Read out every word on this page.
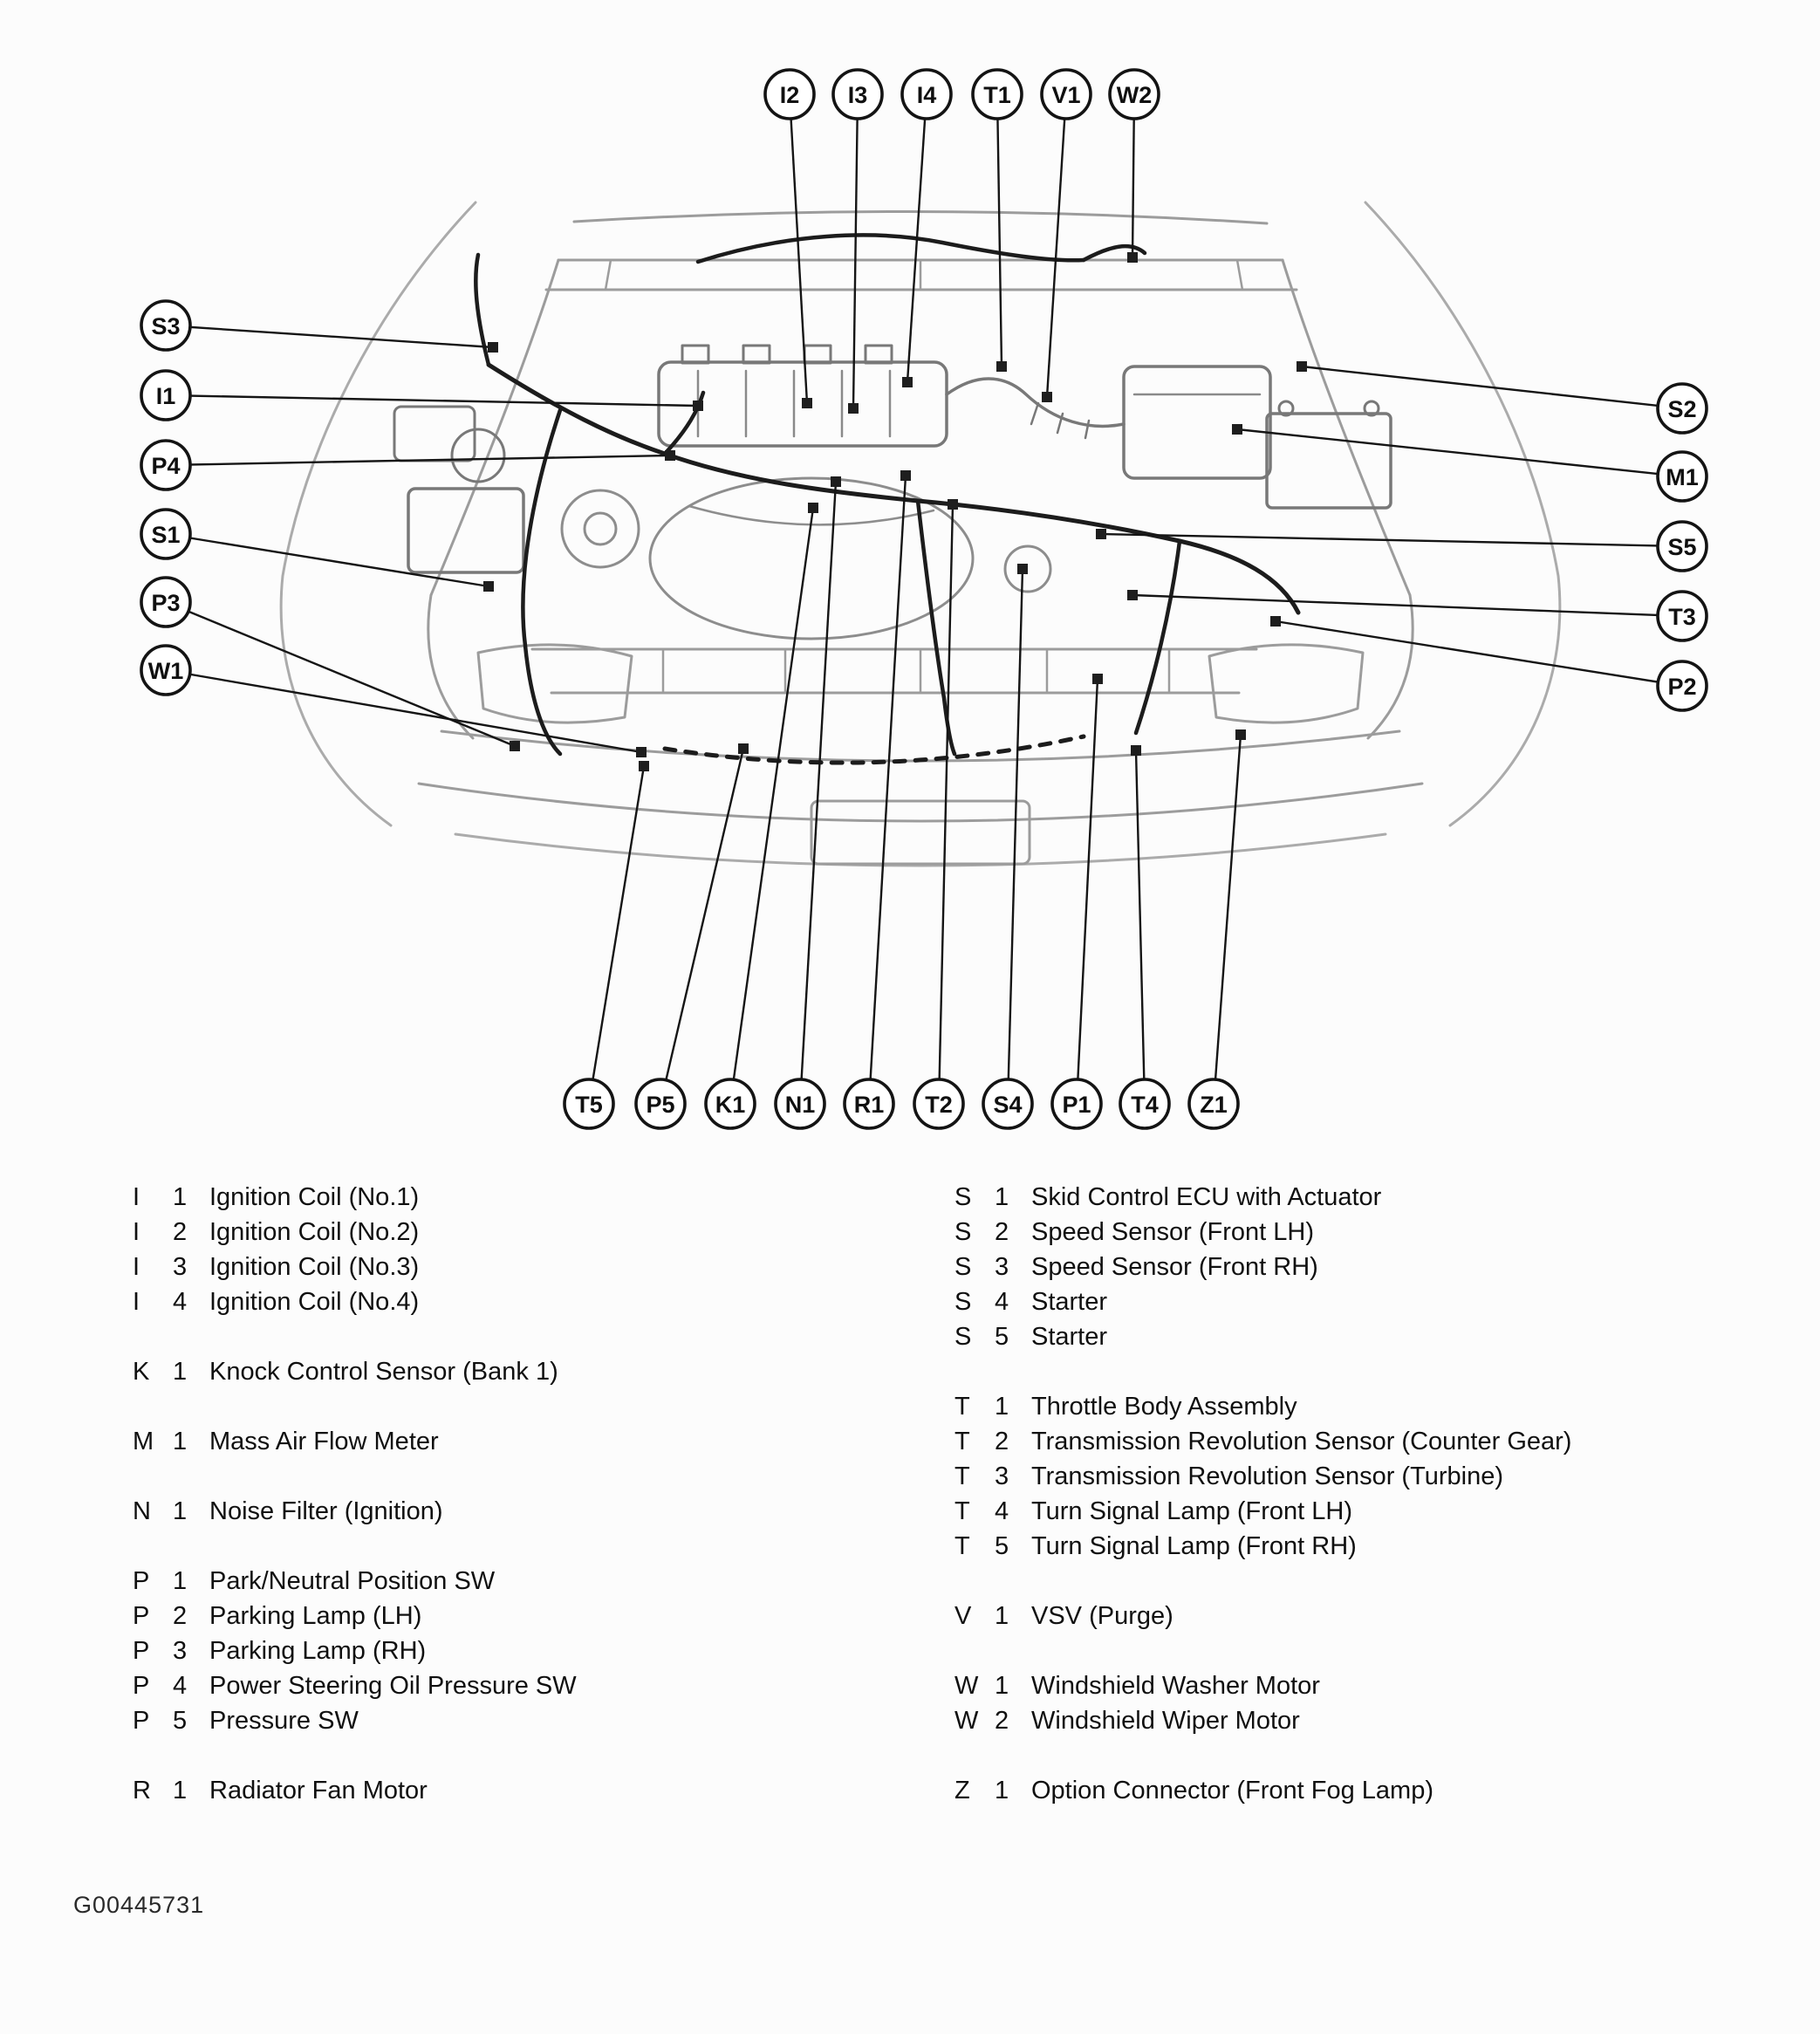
I2 I3 I4 T1 V1 W2
S3
I1
P4
S1
P3
W1
S2
M1
S5
T3
P2
T5 P5 K1 N1 R1 T2 S4 P1 T4 Z1
I	1 Ignition Coil (No.1)
I	2 Ignition Coil (No.2)
I	3 Ignition Coil (No.3)
I	4 Ignition Coil (No.4)
K 1 Knock Control Sensor (Bank 1)
M 1 Mass Air Flow Meter
N 1 Noise Filter (Ignition)
P 1 Park/Neutral Position SW
P 2 Parking Lamp (LH)
P 3 Parking Lamp (RH)
P 4 Power Steering Oil Pressure SW
P 5 Pressure SW
R 1 Radiator Fan Motor
S 1 Skid Control ECU with Actuator
S 2 Speed Sensor (Front LH)
S 3 Speed Sensor (Front RH)
S 4 Starter
S 5 Starter
T 1 Throttle Body Assembly
T 2 Transmission Revolution Sensor (Counter Gear)
T 3 Transmission Revolution Sensor (Turbine)
T 4 Turn Signal Lamp (Front LH)
T 5 Turn Signal Lamp (Front RH)
V 1 VSV (Purge)
W 1 Windshield Washer Motor
W 2 Windshield Wiper Motor
Z 1 Option Connector (Front Fog Lamp)
G00445731
